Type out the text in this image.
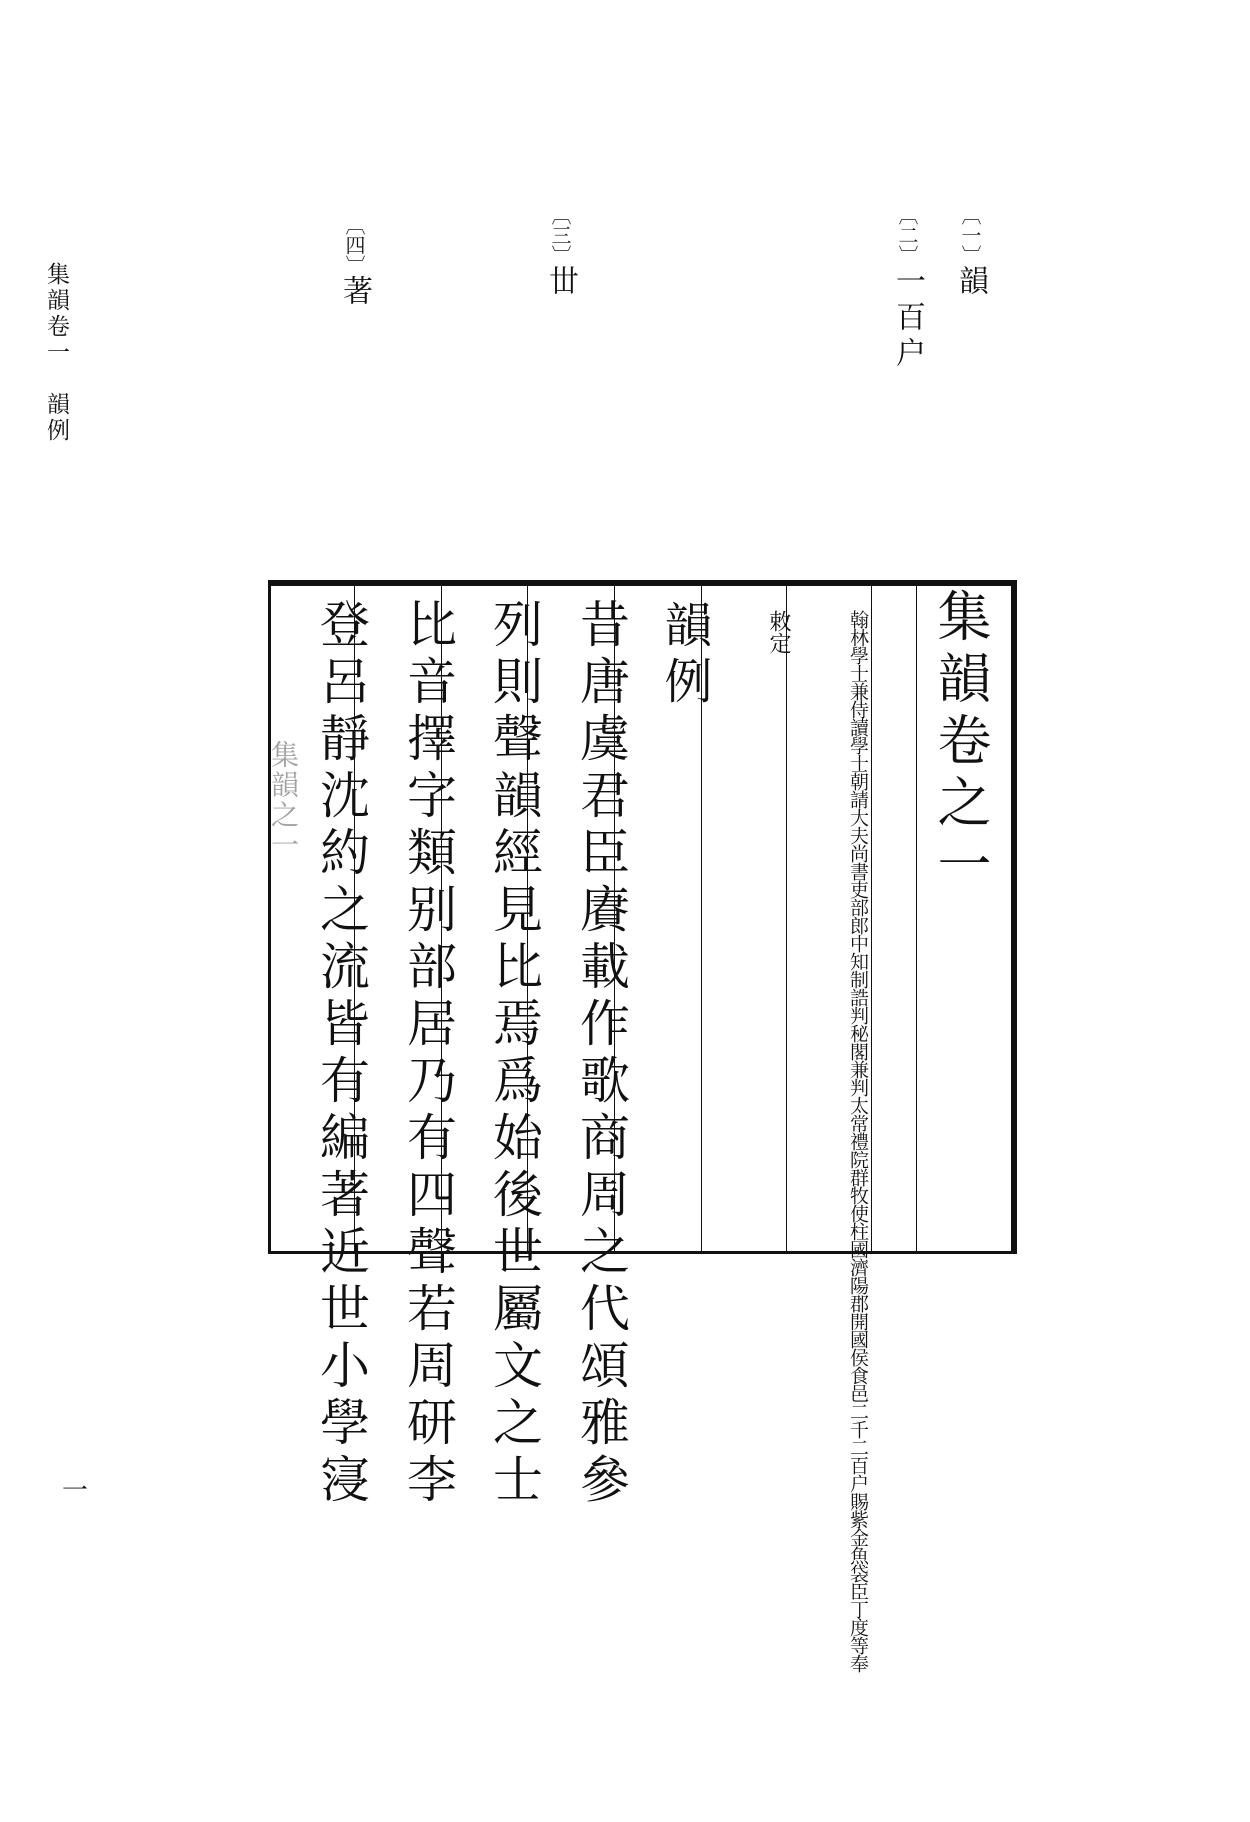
集韻卷一　韻例
〔一〕韻
〔二〕一百户
〔三〕丗
〔四〕著
集韻卷之一
翰林學士兼侍讀學士朝請大夫尚書吏部郎中知制誥判秘閣兼判太常禮院群牧使柱國濟陽郡開國侯食邑二千二百户賜紫金魚袋臣丁度等奉
敕定
韻例
昔唐虞君臣賡載作歌商周之代頌雅參
列則聲韻經見比焉爲始後世屬文之士
比音擇字類别部居乃有四聲若周研李
登呂靜沈約之流皆有編著近世小學寖
集韻之一
一
